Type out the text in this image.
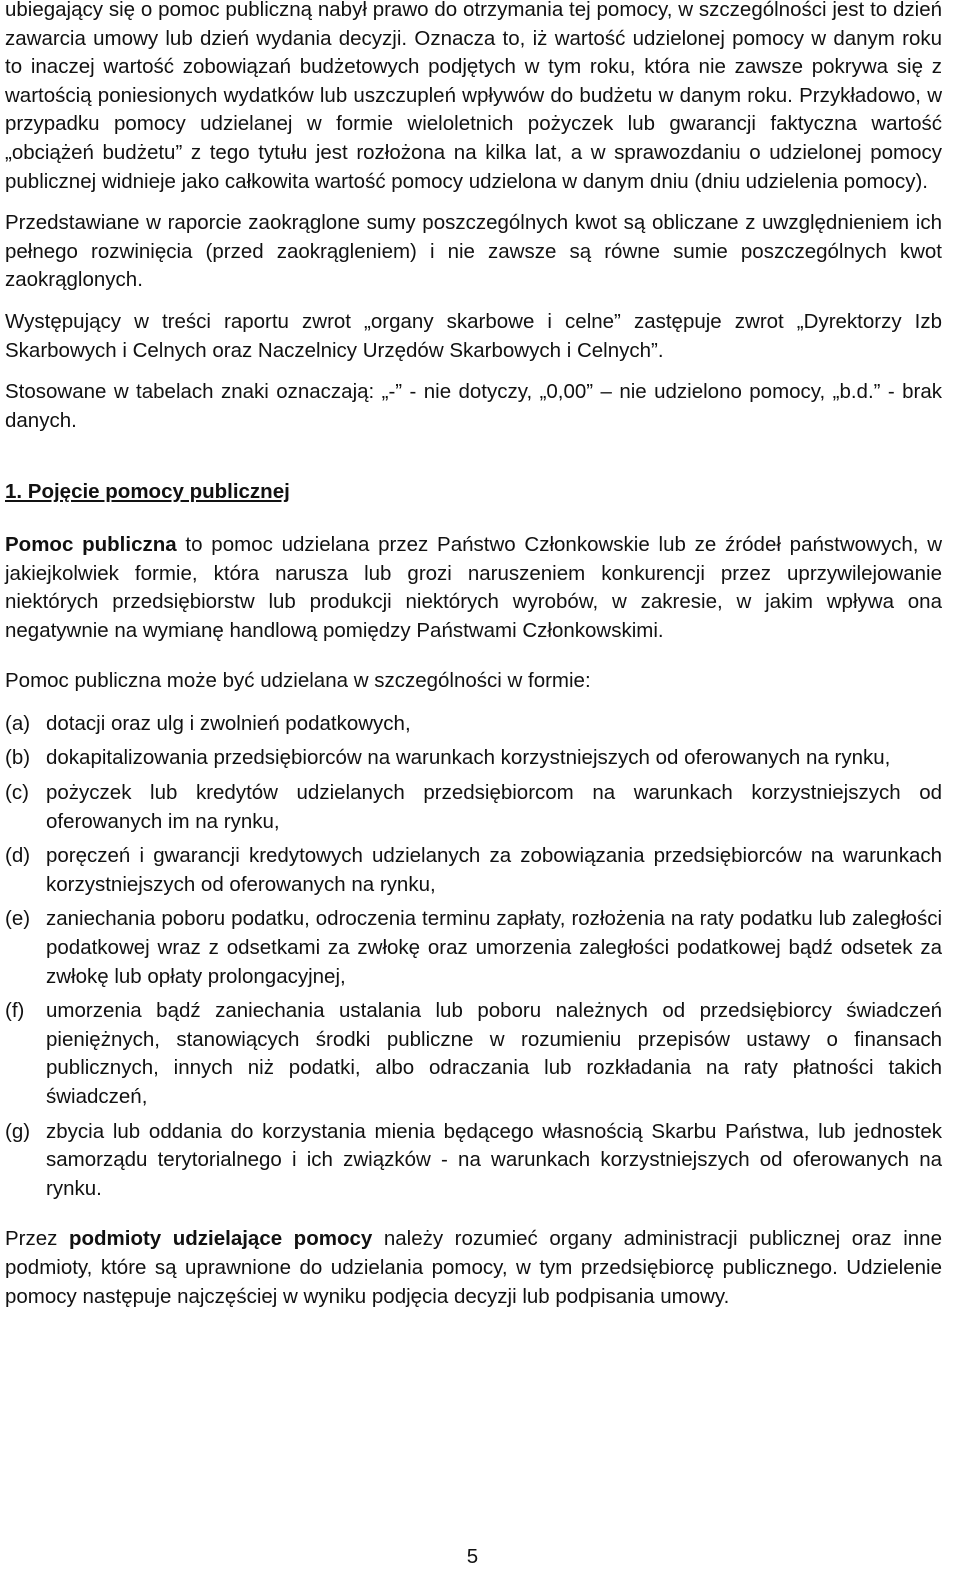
ubiegający się o pomoc publiczną nabył prawo do otrzymania tej pomocy, w szczególności jest to dzień zawarcia umowy lub dzień wydania decyzji. Oznacza to, iż wartość udzielonej pomocy w danym roku to inaczej wartość zobowiązań budżetowych podjętych w tym roku, która nie zawsze pokrywa się z wartością poniesionych wydatków lub uszczupleń wpływów do budżetu w danym roku. Przykładowo, w przypadku pomocy udzielanej w formie wieloletnich pożyczek lub gwarancji faktyczna wartość „obciążeń budżetu” z tego tytułu jest rozłożona na kilka lat, a w sprawozdaniu o udzielonej pomocy publicznej widnieje jako całkowita wartość pomocy udzielona w danym dniu (dniu udzielenia pomocy).

Przedstawiane w raporcie zaokrąglone sumy poszczególnych kwot są obliczane z uwzględnieniem ich pełnego rozwinięcia (przed zaokrągleniem) i nie zawsze są równe sumie poszczególnych kwot zaokrąglonych.

Występujący w treści raportu zwrot „organy skarbowe i celne” zastępuje zwrot „Dyrektorzy Izb Skarbowych i Celnych oraz Naczelnicy Urzędów Skarbowych i Celnych”.

Stosowane w tabelach znaki oznaczają: „-” - nie dotyczy, „0,00” – nie udzielono pomocy, „b.d.” - brak danych.

1. Pojęcie pomocy publicznej

Pomoc publiczna to pomoc udzielana przez Państwo Członkowskie lub ze źródeł państwowych, w jakiejkolwiek formie, która narusza lub grozi naruszeniem konkurencji przez uprzywilejowanie niektórych przedsiębiorstw lub produkcji niektórych wyrobów, w zakresie, w jakim wpływa ona negatywnie na wymianę handlową pomiędzy Państwami Członkowskimi.

Pomoc publiczna może być udzielana w szczególności w formie:

(a) dotacji oraz ulg i zwolnień podatkowych,
(b) dokapitalizowania przedsiębiorców na warunkach korzystniejszych od oferowanych na rynku,
(c) pożyczek lub kredytów udzielanych przedsiębiorcom na warunkach korzystniejszych od oferowanych im na rynku,
(d) poręczeń i gwarancji kredytowych udzielanych za zobowiązania przedsiębiorców na warunkach korzystniejszych od oferowanych na rynku,
(e) zaniechania poboru podatku, odroczenia terminu zapłaty, rozłożenia na raty podatku lub zaległości podatkowej wraz z odsetkami za zwłokę oraz umorzenia zaległości podatkowej bądź odsetek za zwłokę lub opłaty prolongacyjnej,
(f) umorzenia bądź zaniechania ustalania lub poboru należnych od przedsiębiorcy świadczeń pieniężnych, stanowiących środki publiczne w rozumieniu przepisów ustawy o finansach publicznych, innych niż podatki, albo odraczania lub rozkładania na raty płatności takich świadczeń,
(g) zbycia lub oddania do korzystania mienia będącego własnością Skarbu Państwa, lub jednostek samorządu terytorialnego i ich związków - na warunkach korzystniejszych od oferowanych na rynku.

Przez podmioty udzielające pomocy należy rozumieć organy administracji publicznej oraz inne podmioty, które są uprawnione do udzielania pomocy, w tym przedsiębiorcę publicznego. Udzielenie pomocy następuje najczęściej w wyniku podjęcia decyzji lub podpisania umowy.

5
